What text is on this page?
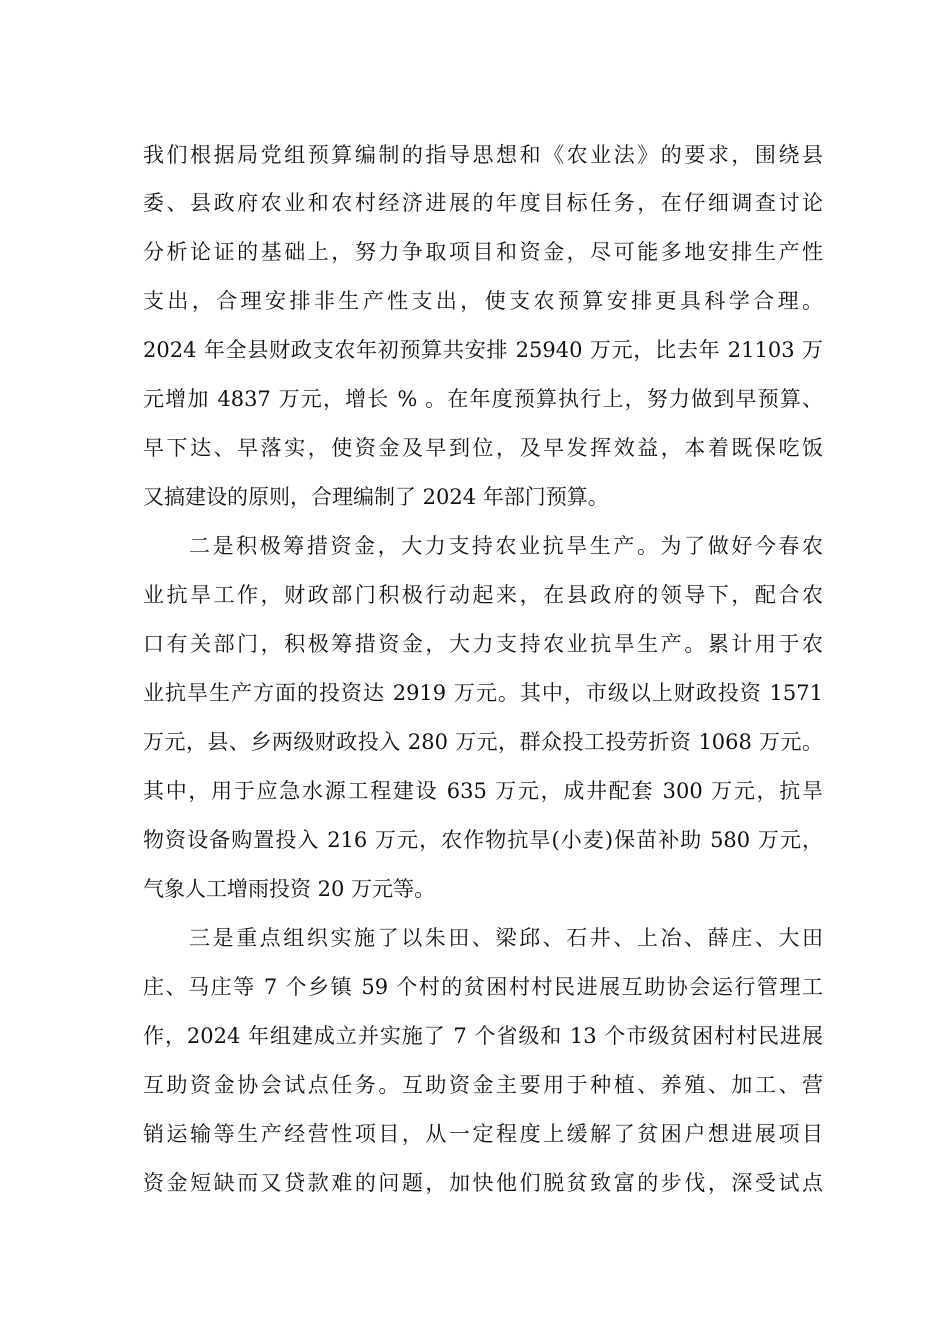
我们根据局党组预算编制的指导思想和《农业法》的要求，围绕县
委、县政府农业和农村经济进展的年度目标任务，在仔细调查讨论
分析论证的基础上，努力争取项目和资金，尽可能多地安排生产性
支出，合理安排非生产性支出，使支农预算安排更具科学合理。
2024 年全县财政支农年初预算共安排 25940 万元，比去年 21103 万
元增加 4837 万元，增长 % 。在年度预算执行上，努力做到早预算、
早下达、早落实，使资金及早到位，及早发挥效益，本着既保吃饭
又搞建设的原则，合理编制了 2024 年部门预算。
二是积极筹措资金，大力支持农业抗旱生产。为了做好今春农
业抗旱工作，财政部门积极行动起来，在县政府的领导下，配合农
口有关部门，积极筹措资金，大力支持农业抗旱生产。累计用于农
业抗旱生产方面的投资达 2919 万元。其中，市级以上财政投资 1571
万元，县、乡两级财政投入 280 万元，群众投工投劳折资 1068 万元。
其中，用于应急水源工程建设 635 万元，成井配套 300 万元，抗旱
物资设备购置投入 216 万元，农作物抗旱(小麦)保苗补助 580 万元，
气象人工增雨投资 20 万元等。
三是重点组织实施了以朱田、梁邱、石井、上冶、薛庄、大田
庄、马庄等 7 个乡镇 59 个村的贫困村村民进展互助协会运行管理工
作，2024 年组建成立并实施了 7 个省级和 13 个市级贫困村村民进展
互助资金协会试点任务。互助资金主要用于种植、养殖、加工、营
销运输等生产经营性项目，从一定程度上缓解了贫困户想进展项目
资金短缺而又贷款难的问题，加快他们脱贫致富的步伐，深受试点
